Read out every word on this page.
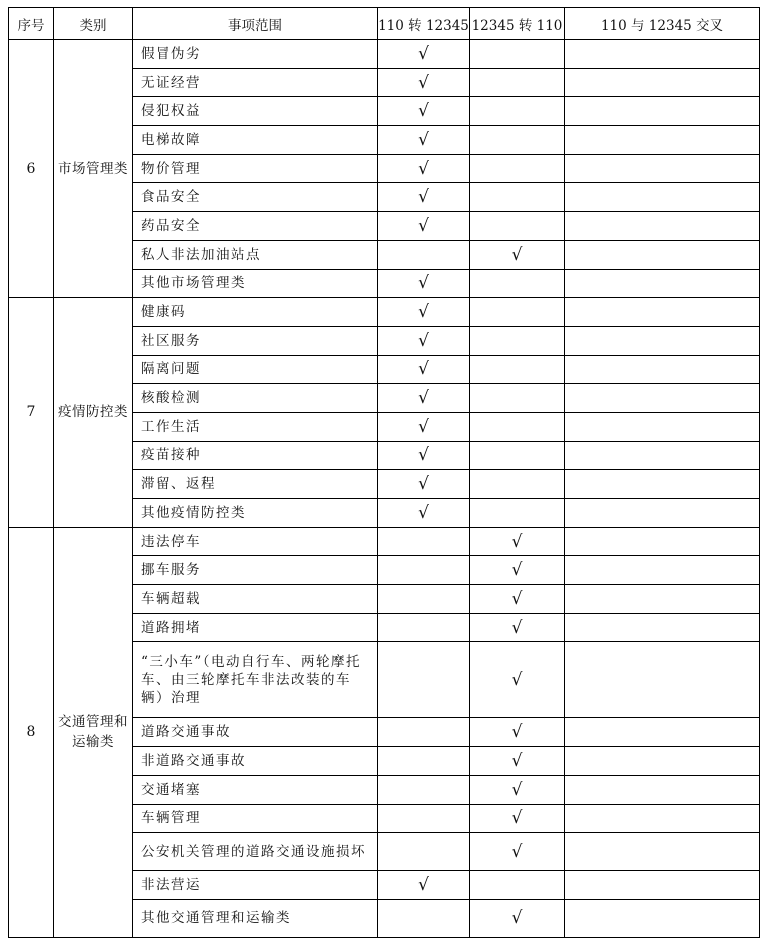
序号	类别	事项范围	110 转 12345	12345 转 110	110 与 12345 交叉
6	市场管理类	假冒伪劣	√		
		无证经营	√		
		侵犯权益	√		
		电梯故障	√		
		物价管理	√		
		食品安全	√		
		药品安全	√		
		私人非法加油站点		√	
		其他市场管理类	√		
7	疫情防控类	健康码	√		
		社区服务	√		
		隔离问题	√		
		核酸检测	√		
		工作生活	√		
		疫苗接种	√		
		滞留、返程	√		
		其他疫情防控类	√		
8	交通管理和运输类	违法停车		√	
		挪车服务		√	
		车辆超载		√	
		道路拥堵		√	
		“三小车”（电动自行车、两轮摩托车、由三轮摩托车非法改装的车辆）治理		√	
		道路交通事故		√	
		非道路交通事故		√	
		交通堵塞		√	
		车辆管理		√	
		公安机关管理的道路交通设施损坏		√	
		非法营运	√		
		其他交通管理和运输类		√	
